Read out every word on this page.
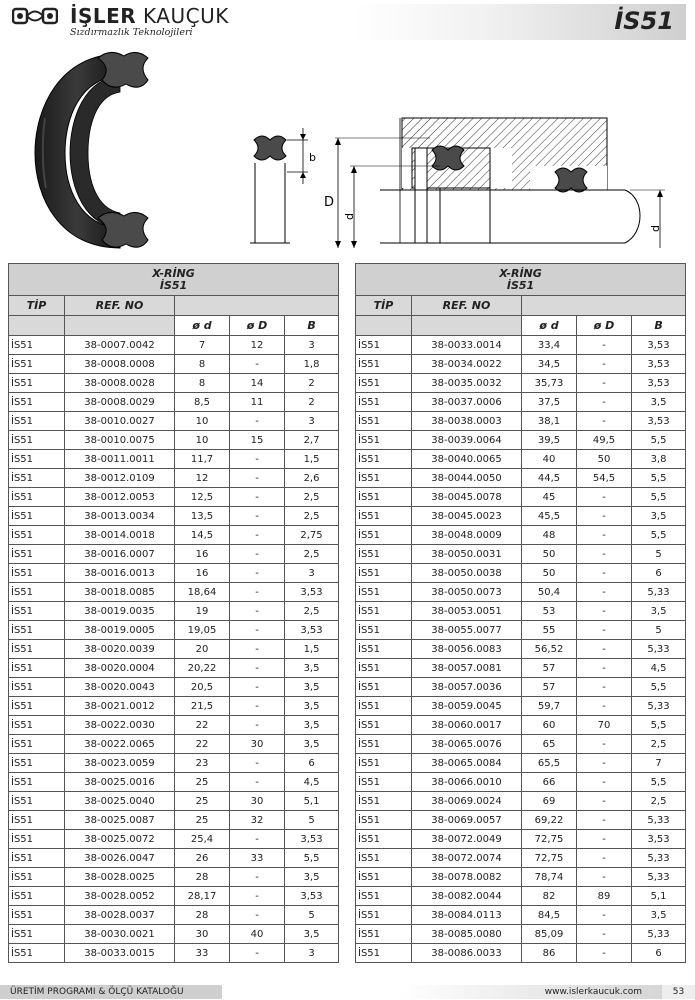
İŞLER KAUÇUK
Sızdırmazlık Teknolojileri	İS51
b
D
d
d
X-RİNG
İS51				

TİP	REF. NO			
		ø d	ø D	B
İS51	38-0007.0042	7	12	3
İS51	38-0008.0008	8	-	1,8
İS51	38-0008.0028	8	14	2
İS51	38-0008.0029	8,5	11	2
İS51	38-0010.0027	10	-	3
İS51	38-0010.0075	10	15	2,7
İS51	38-0011.0011	11,7	-	1,5
İS51	38-0012.0109	12	-	2,6
İS51	38-0012.0053	12,5	-	2,5
İS51	38-0013.0034	13,5	-	2,5
İS51	38-0014.0018	14,5	-	2,75
İS51	38-0016.0007	16	-	2,5
İS51	38-0016.0013	16	-	3
İS51	38-0018.0085	18,64	-	3,53
İS51	38-0019.0035	19	-	2,5
İS51	38-0019.0005	19,05	-	3,53
İS51	38-0020.0039	20	-	1,5
İS51	38-0020.0004	20,22	-	3,5
İS51	38-0020.0043	20,5	-	3,5
İS51	38-0021.0012	21,5	-	3,5
İS51	38-0022.0030	22	-	3,5
İS51	38-0022.0065	22	30	3,5
İS51	38-0023.0059	23	-	6
İS51	38-0025.0016	25	-	4,5
İS51	38-0025.0040	25	30	5,1
İS51	38-0025.0087	25	32	5
İS51	38-0025.0072	25,4	-	3,53
İS51	38-0026.0047	26	33	5,5
İS51	38-0028.0025	28	-	3,5
İS51	38-0028.0052	28,17	-	3,53
İS51	38-0028.0037	28	-	5
İS51	38-0030.0021	30	40	3,5
İS51	38-0033.0015	33	-	3
X-RİNG
İS51				

TİP	REF. NO			
		ø d	ø D	B
İS51	38-0033.0014	33,4	-	3,53
İS51	38-0034.0022	34,5	-	3,53
İS51	38-0035.0032	35,73	-	3,53
İS51	38-0037.0006	37,5	-	3,5
İS51	38-0038.0003	38,1	-	3,53
İS51	38-0039.0064	39,5	49,5	5,5
İS51	38-0040.0065	40	50	3,8
İS51	38-0044.0050	44,5	54,5	5,5
İS51	38-0045.0078	45	-	5,5
İS51	38-0045.0023	45,5	-	3,5
İS51	38-0048.0009	48	-	5,5
İS51	38-0050.0031	50	-	5
İS51	38-0050.0038	50	-	6
İS51	38-0050.0073	50,4	-	5,33
İS51	38-0053.0051	53	-	3,5
İS51	38-0055.0077	55	-	5
İS51	38-0056.0083	56,52	-	5,33
İS51	38-0057.0081	57	-	4,5
İS51	38-0057.0036	57	-	5,5
İS51	38-0059.0045	59,7	-	5,33
İS51	38-0060.0017	60	70	5,5
İS51	38-0065.0076	65	-	2,5
İS51	38-0065.0084	65,5	-	7
İS51	38-0066.0010	66	-	5,5
İS51	38-0069.0024	69	-	2,5
İS51	38-0069.0057	69,22	-	5,33
İS51	38-0072.0049	72,75	-	3,53
İS51	38-0072.0074	72,75	-	5,33
İS51	38-0078.0082	78,74	-	5,33
İS51	38-0082.0044	82	89	5,1
İS51	38-0084.0113	84,5	-	3,5
İS51	38-0085.0080	85,09	-	5,33
İS51	38-0086.0033	86	-	6
ÜRETİM PROGRAMI & ÖLÇÜ KATALOĞU	www.islerkaucuk.com	53
